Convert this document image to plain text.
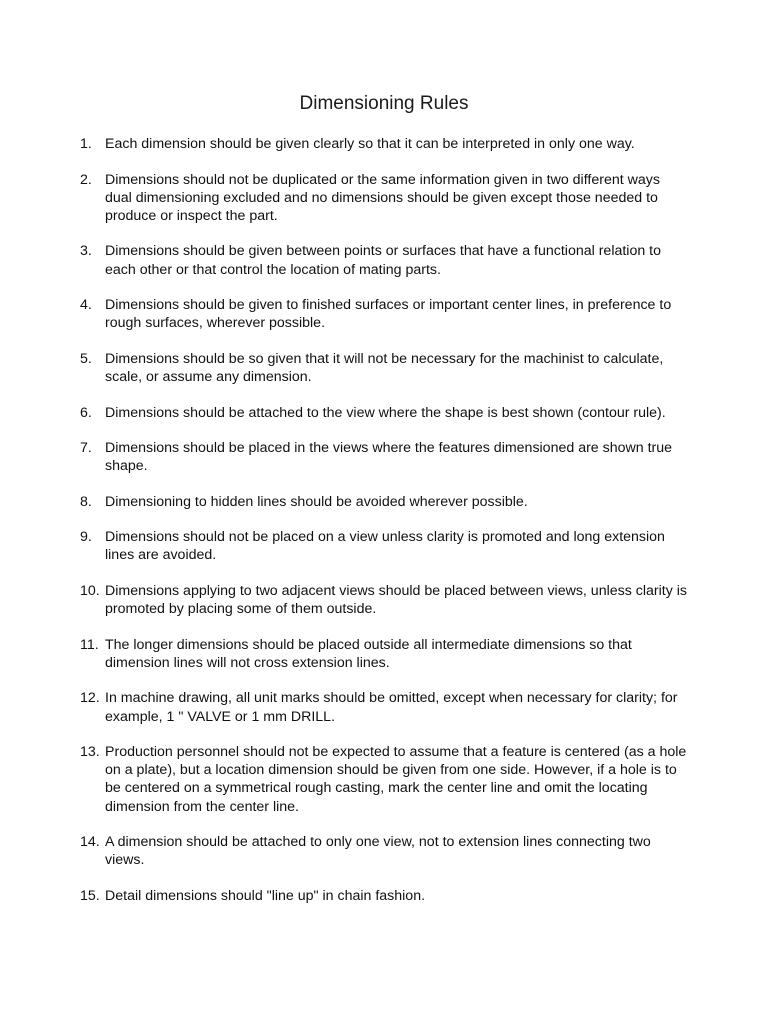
Dimensioning Rules
1. Each dimension should be given clearly so that it can be interpreted in only one way.
2. Dimensions should not be duplicated or the same information given in two different ways dual dimensioning excluded and no dimensions should be given except those needed to produce or inspect the part.
3. Dimensions should be given between points or surfaces that have a functional relation to each other or that control the location of mating parts.
4. Dimensions should be given to finished surfaces or important center lines, in preference to rough surfaces, wherever possible.
5. Dimensions should be so given that it will not be necessary for the machinist to calculate, scale, or assume any dimension.
6. Dimensions should be attached to the view where the shape is best shown (contour rule).
7. Dimensions should be placed in the views where the features dimensioned are shown true shape.
8. Dimensioning to hidden lines should be avoided wherever possible.
9. Dimensions should not be placed on a view unless clarity is promoted and long extension lines are avoided.
10. Dimensions applying to two adjacent views should be placed between views, unless clarity is promoted by placing some of them outside.
11. The longer dimensions should be placed outside all intermediate dimensions so that dimension lines will not cross extension lines.
12. In machine drawing, all unit marks should be omitted, except when necessary for clarity; for example, 1 " VALVE or 1 mm DRILL.
13. Production personnel should not be expected to assume that a feature is centered (as a hole on a plate), but a location dimension should be given from one side. However, if a hole is to be centered on a symmetrical rough casting, mark the center line and omit the locating dimension from the center line.
14. A dimension should be attached to only one view, not to extension lines connecting two views.
15. Detail dimensions should "line up" in chain fashion.
